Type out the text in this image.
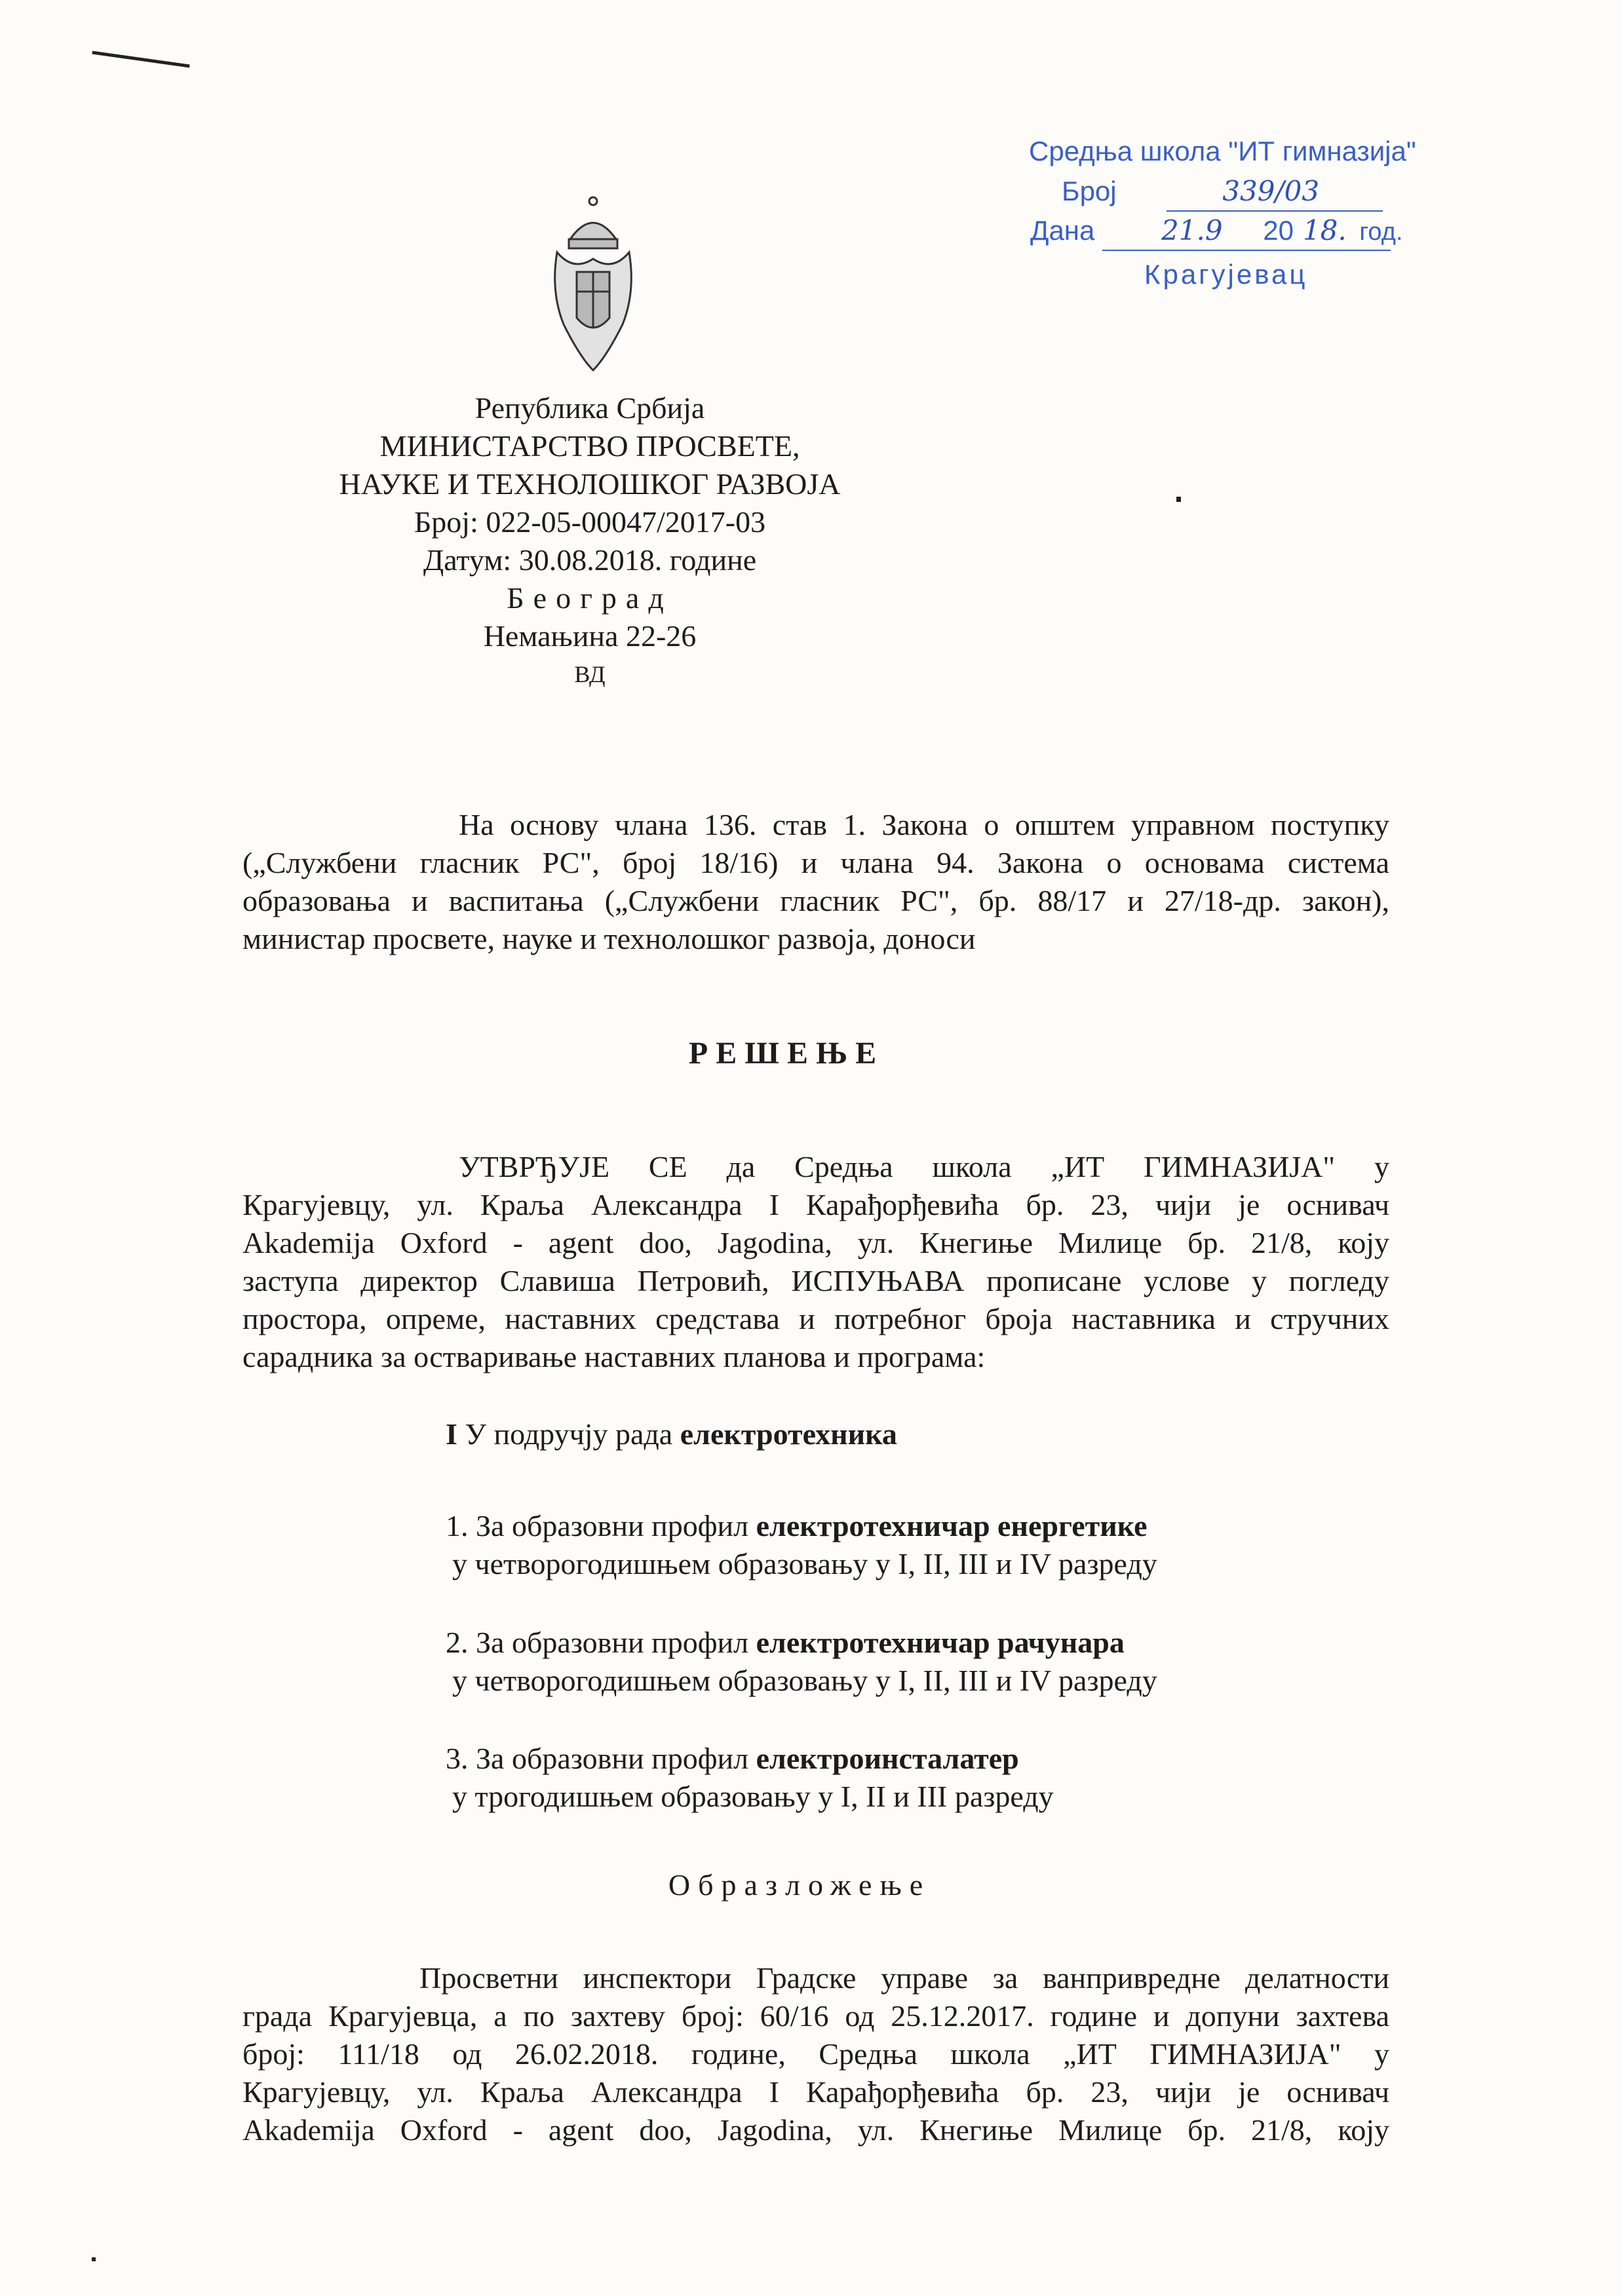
Средња школа "ИТ гимназија"
Број	339/03
Дана 21.9 20 18. год.
Крагујевац
Република Србија
МИНИСТАРСТВО ПРОСВЕТЕ,
НАУКЕ И ТЕХНОЛОШКОГ РАЗВОЈА
Број: 022-05-00047/2017-03
Датум: 30.08.2018. године
Београд
Немањина 22-26
ВД
На основу члана 136. став 1. Закона о општем управном поступку
(„Службени гласник РС", број 18/16) и члана 94. Закона о основама система
образовања и васпитања („Службени гласник РС", бр. 88/17 и 27/18-др. закон),
министар просвете, науке и технолошког развоја, доноси
РЕШЕЊЕ
УТВРЂУЈЕ СЕ да Средња школа „ИТ ГИМНАЗИЈА" у
Крагујевцу, ул. Краља Александра I Карађорђевића бр. 23, чији је оснивач
Akademija Oxford - agent doo, Jagodina, ул. Кнегиње Милице бр. 21/8, коју
заступа директор Славиша Петровић, ИСПУЊАВА прописане услове у погледу
простора, опреме, наставних средстава и потребног броја наставника и стручних
сарадника за остваривање наставних планова и програма:
I У подручју рада електротехника
1. За образовни профил електротехничар енергетике
у четворогодишњем образовању у I, II, III и IV разреду
2. За образовни профил електротехничар рачунара
у четворогодишњем образовању у I, II, III и IV разреду
3. За образовни профил електроинсталатер
у трогодишњем образовању у I, II и III разреду
Образложење
Просветни инспектори Градске управе за ванпривредне делатности
града Крагујевца, а по захтеву број: 60/16 од 25.12.2017. године и допуни захтева
број: 111/18 од 26.02.2018. године, Средња школа „ИТ ГИМНАЗИЈА" у
Крагујевцу, ул. Краља Александра I Карађорђевића бр. 23, чији је оснивач
Akademija Oxford - agent doo, Jagodina, ул. Кнегиње Милице бр. 21/8, коју
